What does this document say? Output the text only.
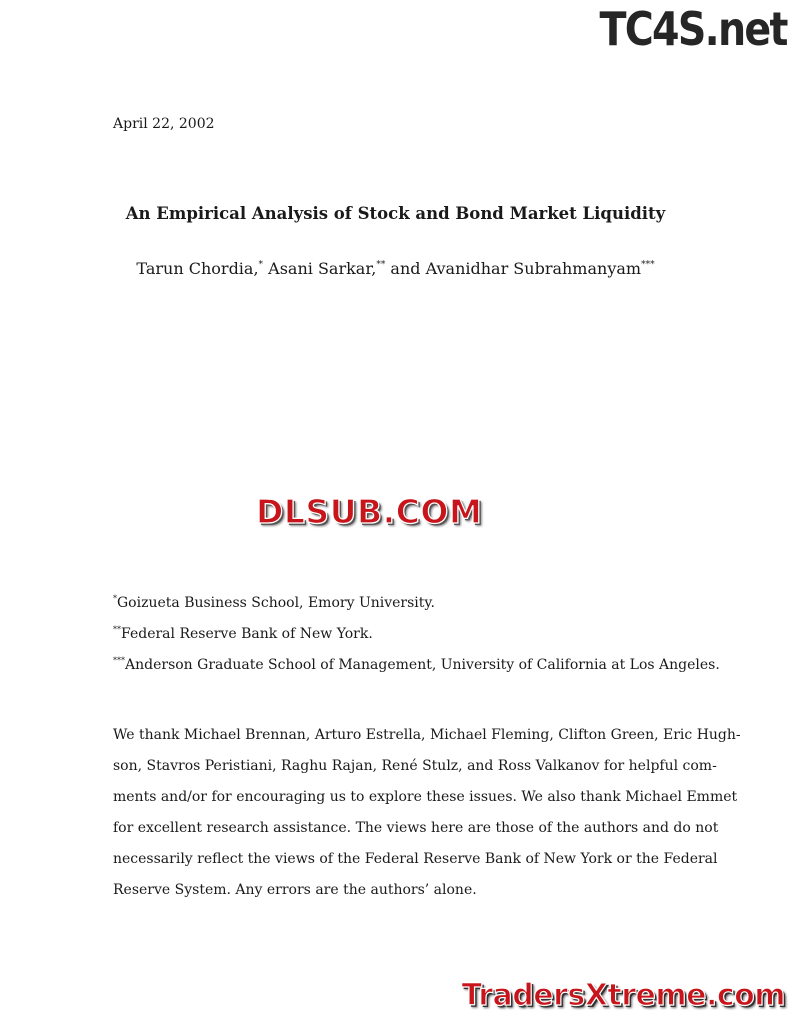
TC4S.net
April 22, 2002
An Empirical Analysis of Stock and Bond Market Liquidity
Tarun Chordia,* Asani Sarkar,** and Avanidhar Subrahmanyam***
DLSUB.COM
*Goizueta Business School, Emory University.
**Federal Reserve Bank of New York.
***Anderson Graduate School of Management, University of California at Los Angeles.
We thank Michael Brennan, Arturo Estrella, Michael Fleming, Clifton Green, Eric Hugh-
son, Stavros Peristiani, Raghu Rajan, René Stulz, and Ross Valkanov for helpful com-
ments and/or for encouraging us to explore these issues. We also thank Michael Emmet
for excellent research assistance. The views here are those of the authors and do not
necessarily reflect the views of the Federal Reserve Bank of New York or the Federal
Reserve System. Any errors are the authors’ alone.
TradersXtreme.com
